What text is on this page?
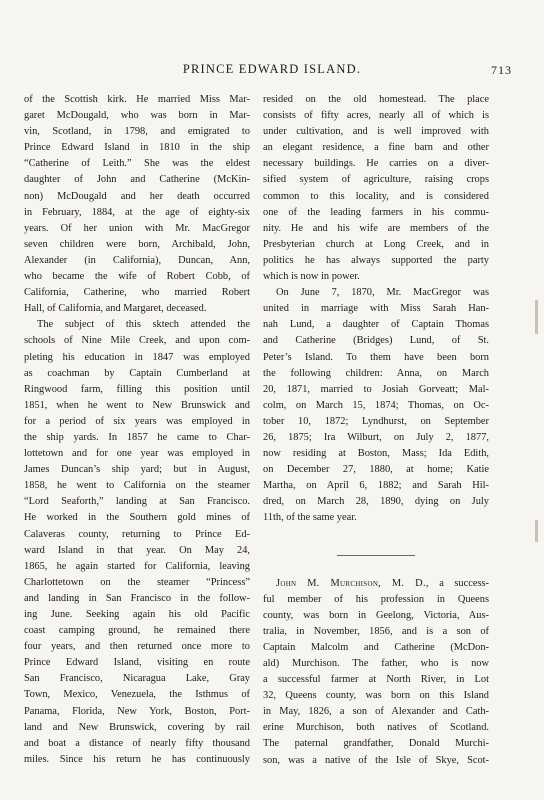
PRINCE EDWARD ISLAND.	713
of the Scottish kirk. He married Miss Mar-
garet McDougald, who was born in Mar-
vin, Scotland, in 1798, and emigrated to
Prince Edward Island in 1810 in the ship
“Catherine of Leith.” She was the eldest
daughter of John and Catherine (McKin-
non) McDougald and her death occurred
in February, 1884, at the age of eighty-six
years. Of her union with Mr. MacGregor
seven children were born, Archibald, John,
Alexander (in California), Duncan, Ann,
who became the wife of Robert Cobb, of
California, Catherine, who married Robert
Hall, of California, and Margaret, deceased.
The subject of this sktech attended the
schools of Nine Mile Creek, and upon com-
pleting his education in 1847 was employed
as coachman by Captain Cumberland at
Ringwood farm, filling this position until
1851, when he went to New Brunswick and
for a period of six years was employed in
the ship yards. In 1857 he came to Char-
lottetown and for one year was employed in
James Duncan’s ship yard; but in August,
1858, he went to California on the steamer
“Lord Seaforth,” landing at San Francisco.
He worked in the Southern gold mines of
Calaveras county, returning to Prince Ed-
ward Island in that year. On May 24,
1865, he again started for California, leaving
Charlottetown on the steamer “Princess”
and landing in San Francisco in the follow-
ing June. Seeking again his old Pacific
coast camping ground, he remained there
four years, and then returned once more to
Prince Edward Island, visiting en route
San Francisco, Nicaragua Lake, Gray
Town, Mexico, Venezuela, the Isthmus of
Panama, Florida, New York, Boston, Port-
land and New Brunswick, covering by rail
and boat a distance of nearly fifty thousand
miles. Since his return he has continuously
resided on the old homestead. The place
consists of fifty acres, nearly all of which is
under cultivation, and is well improved with
an elegant residence, a fine barn and other
necessary buildings. He carries on a diver-
sified system of agriculture, raising crops
common to this locality, and is considered
one of the leading farmers in his commu-
nity. He and his wife are members of the
Presbyterian church at Long Creek, and in
politics he has always supported the party
which is now in power.
On June 7, 1870, Mr. MacGregor was
united in marriage with Miss Sarah Han-
nah Lund, a daughter of Captain Thomas
and Catherine (Bridges) Lund, of St.
Peter’s Island. To them have been born
the following children: Anna, on March
20, 1871, married to Josiah Gorveatt; Mal-
colm, on March 15, 1874; Thomas, on Oc-
tober 10, 1872; Lyndhurst, on September
26, 1875; Ira Wilburt, on July 2, 1877,
now residing at Boston, Mass; Ida Edith,
on December 27, 1880, at home; Katie
Martha, on April 6, 1882; and Sarah Hil-
dred, on March 28, 1890, dying on July
11th, of the same year.
John M. Murchison, M. D., a success-
ful member of his profession in Queens
county, was born in Geelong, Victoria, Aus-
tralia, in November, 1856, and is a son of
Captain Malcolm and Catherine (McDon-
ald) Murchison. The father, who is now
a successful farmer at North River, in Lot
32, Queens county, was born on this Island
in May, 1826, a son of Alexander and Cath-
erine Murchison, both natives of Scotland.
The paternal grandfather, Donald Murchi-
son, was a native of the Isle of Skye, Scot-
